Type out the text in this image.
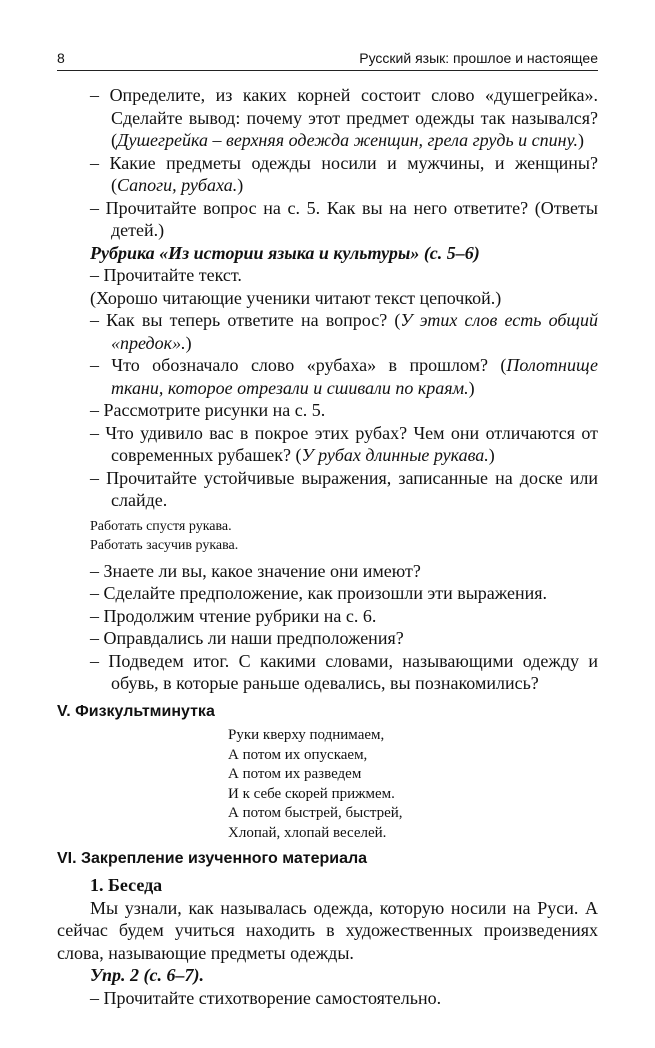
8	Русский язык: прошлое и настоящее

– Определите, из каких корней состоит слово «душегрейка». Сделайте вывод: почему этот предмет одежды так назывался? (Душегрейка – верхняя одежда женщин, грела грудь и спину.)

– Какие предметы одежды носили и мужчины, и женщины? (Сапоги, рубаха.)

– Прочитайте вопрос на с. 5. Как вы на него ответите? (Ответы детей.)

Рубрика «Из истории языка и культуры» (с. 5–6)

– Прочитайте текст.

(Хорошо читающие ученики читают текст цепочкой.)

– Как вы теперь ответите на вопрос? (У этих слов есть общий «предок».)

– Что обозначало слово «рубаха» в прошлом? (Полотнище ткани, которое отрезали и сшивали по краям.)

– Рассмотрите рисунки на с. 5.

– Что удивило вас в покрое этих рубах? Чем они отличаются от современных рубашек? (У рубах длинные рукава.)

– Прочитайте устойчивые выражения, записанные на доске или слайде.

Работать спустя рукава.

Работать засучив рукава.

– Знаете ли вы, какое значение они имеют?

– Сделайте предположение, как произошли эти выражения.

– Продолжим чтение рубрики на с. 6.

– Оправдались ли наши предположения?

– Подведем итог. С какими словами, называющими одежду и обувь, в которые раньше одевались, вы познакомились?

V. Физкультминутка
Руки кверху поднимаем,
А потом их опускаем,
А потом их разведем
И к себе скорей прижмем.
А потом быстрей, быстрей,
Хлопай, хлопай веселей.
VI. Закрепление изученного материала

1. Беседа

Мы узнали, как называлась одежда, которую носили на Руси. А сейчас будем учиться находить в художественных произведениях слова, называющие предметы одежды.

Упр. 2 (с. 6–7).

– Прочитайте стихотворение самостоятельно.
